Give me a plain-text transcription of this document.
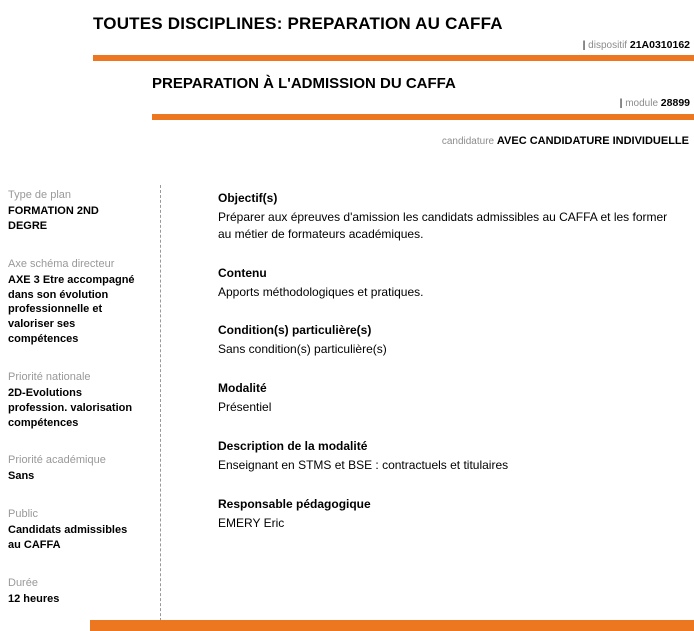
TOUTES DISCIPLINES: PREPARATION AU CAFFA
| dispositif 21A0310162
PREPARATION À L'ADMISSION DU CAFFA
| module 28899
candidature AVEC CANDIDATURE INDIVIDUELLE
Type de plan
FORMATION 2ND DEGRE
Axe schéma directeur
AXE 3 Etre accompagné dans son évolution professionnelle et valoriser ses compétences
Priorité nationale
2D-Evolutions profession. valorisation compétences
Priorité académique
Sans
Public
Candidats admissibles au CAFFA
Durée
12 heures
Objectif(s)
Préparer aux épreuves d'amission les candidats admissibles au CAFFA et les former au métier de formateurs académiques.
Contenu
Apports méthodologiques et pratiques.
Condition(s) particulière(s)
Sans condition(s) particulière(s)
Modalité
Présentiel
Description de la modalité
Enseignant en STMS et BSE : contractuels et titulaires
Responsable pédagogique
EMERY Eric
